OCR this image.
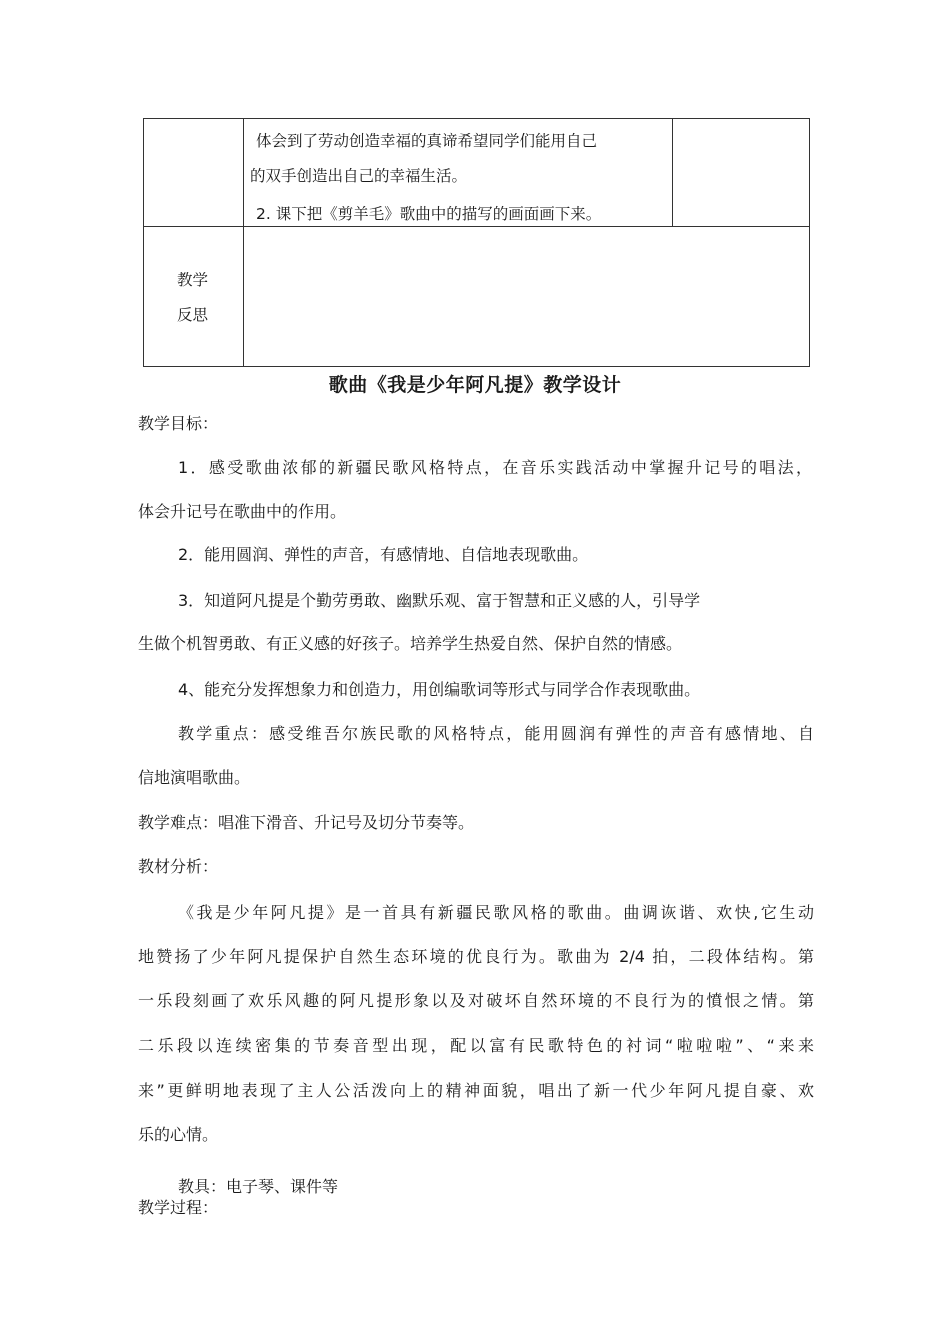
体会到了劳动创造幸福的真谛希望同学们能用自己
的双手创造出自己的幸福生活。
2. 课下把《剪羊毛》歌曲中的描写的画面画下来。
教学
反思
歌曲《我是少年阿凡提》教学设计
教学目标：
1．感受歌曲浓郁的新疆民歌风格特点，在音乐实践活动中掌握升记号的唱法，
体会升记号在歌曲中的作用。
2．能用圆润、弹性的声音，有感情地、自信地表现歌曲。
3．知道阿凡提是个勤劳勇敢、幽默乐观、富于智慧和正义感的人，引导学
生做个机智勇敢、有正义感的好孩子。培养学生热爱自然、保护自然的情感。
4、能充分发挥想象力和创造力，用创编歌词等形式与同学合作表现歌曲。
教学重点：感受维吾尔族民歌的风格特点，能用圆润有弹性的声音有感情地、自
信地演唱歌曲。
教学难点：唱准下滑音、升记号及切分节奏等。
教材分析：
《我是少年阿凡提》是一首具有新疆民歌风格的歌曲。曲调诙谐、欢快,它生动
地赞扬了少年阿凡提保护自然生态环境的优良行为。歌曲为 2/4 拍，二段体结构。第
一乐段刻画了欢乐风趣的阿凡提形象以及对破坏自然环境的不良行为的憤恨之情。第
二乐段以连续密集的节奏音型出现，配以富有民歌特色的衬词“啦啦啦”、“来来
来”更鲜明地表现了主人公活泼向上的精神面貌，唱出了新一代少年阿凡提自豪、欢
乐的心情。
教具：电子琴、课件等
教学过程：
